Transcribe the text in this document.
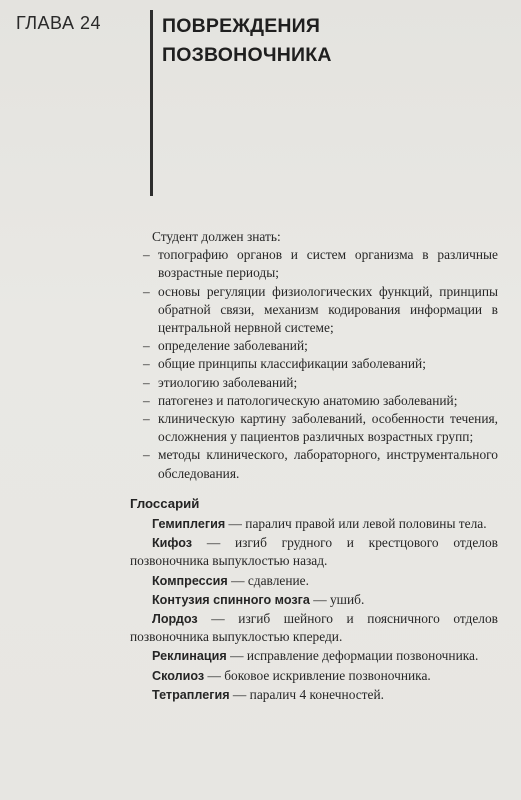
ГЛАВА 24	ПОВРЕЖДЕНИЯ
ПОЗВОНОЧНИКА
Студент должен знать:
– топографию органов и систем организма в различные возрастные периоды;
– основы регуляции физиологических функций, принципы обратной связи, механизм кодирования информации в центральной нервной системе;
– определение заболеваний;
– общие принципы классификации заболеваний;
– этиологию заболеваний;
– патогенез и патологическую анатомию заболеваний;
– клиническую картину заболеваний, особенности течения, осложнения у пациентов различных возрастных групп;
– методы клинического, лабораторного, инструментального обследования.
Глоссарий
Гемиплегия — паралич правой или левой половины тела.
Кифоз — изгиб грудного и крестцового отделов позвоночника выпуклостью назад.
Компрессия — сдавление.
Контузия спинного мозга — ушиб.
Лордоз — изгиб шейного и поясничного отделов позвоночника выпуклостью кпереди.
Реклинация — исправление деформации позвоночника.
Сколиоз — боковое искривление позвоночника.
Тетраплегия — паралич 4 конечностей.
